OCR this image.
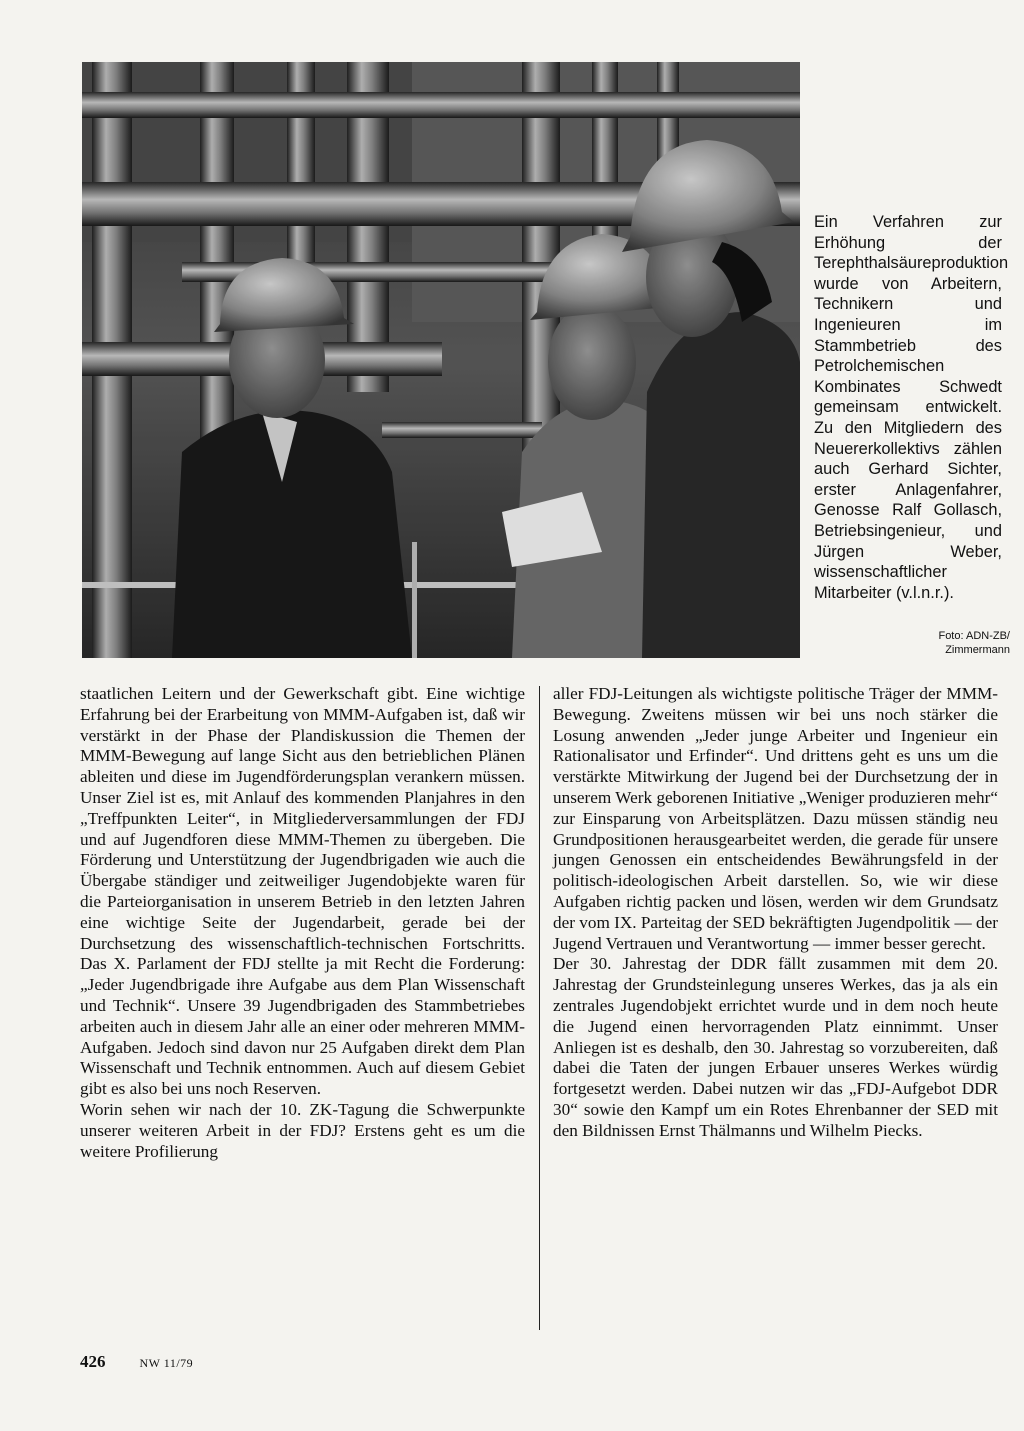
Ein Verfahren zur Erhöhung der Terephthalsäureproduktion wurde von Arbeitern, Technikern und Ingenieuren im Stammbetrieb des Petrolchemischen Kombinates Schwedt gemeinsam entwickelt. Zu den Mitgliedern des Neuererkollektivs zählen auch Gerhard Sichter, erster Anlagenfahrer, Genosse Ralf Gollasch, Betriebsingenieur, und Jürgen Weber, wissenschaftlicher Mitarbeiter (v.l.n.r.).
Foto: ADN-ZB/
Zimmermann

staatlichen Leitern und der Gewerkschaft gibt. Eine wichtige Erfahrung bei der Erarbeitung von MMM-Aufgaben ist, daß wir verstärkt in der Phase der Plandiskussion die Themen der MMM-Bewegung auf lange Sicht aus den betrieblichen Plänen ableiten und diese im Jugendförderungsplan verankern müssen. Unser Ziel ist es, mit Anlauf des kommenden Planjahres in den „Treffpunkten Leiter“, in Mitgliederversammlungen der FDJ und auf Jugendforen diese MMM-Themen zu übergeben. Die Förderung und Unterstützung der Jugendbrigaden wie auch die Übergabe ständiger und zeitweiliger Jugendobjekte waren für die Parteiorganisation in unserem Betrieb in den letzten Jahren eine wichtige Seite der Jugendarbeit, gerade bei der Durchsetzung des wissenschaftlich-technischen Fortschritts. Das X. Parlament der FDJ stellte ja mit Recht die Forderung: „Jeder Jugendbrigade ihre Aufgabe aus dem Plan Wissenschaft und Technik“. Unsere 39 Jugendbrigaden des Stammbetriebes arbeiten auch in diesem Jahr alle an einer oder mehreren MMM-Aufgaben. Jedoch sind davon nur 25 Aufgaben direkt dem Plan Wissenschaft und Technik entnommen. Auch auf diesem Gebiet gibt es also bei uns noch Reserven.

Worin sehen wir nach der 10. ZK-Tagung die Schwerpunkte unserer weiteren Arbeit in der FDJ? Erstens geht es um die weitere Profilierung

aller FDJ-Leitungen als wichtigste politische Träger der MMM-Bewegung. Zweitens müssen wir bei uns noch stärker die Losung anwenden „Jeder junge Arbeiter und Ingenieur ein Rationalisator und Erfinder“. Und drittens geht es uns um die verstärkte Mitwirkung der Jugend bei der Durchsetzung der in unserem Werk geborenen Initiative „Weniger produzieren mehr“ zur Einsparung von Arbeitsplätzen. Dazu müssen ständig neu Grundpositionen herausgearbeitet werden, die gerade für unsere jungen Genossen ein entscheidendes Bewährungsfeld in der politisch-ideologischen Arbeit darstellen. So, wie wir diese Aufgaben richtig packen und lösen, werden wir dem Grundsatz der vom IX. Parteitag der SED bekräftigten Jugendpolitik — der Jugend Vertrauen und Verantwortung — immer besser gerecht.

Der 30. Jahrestag der DDR fällt zusammen mit dem 20. Jahrestag der Grundsteinlegung unseres Werkes, das ja als ein zentrales Jugendobjekt errichtet wurde und in dem noch heute die Jugend einen hervorragenden Platz einnimmt. Unser Anliegen ist es deshalb, den 30. Jahrestag so vorzubereiten, daß dabei die Taten der jungen Erbauer unseres Werkes würdig fortgesetzt werden. Dabei nutzen wir das „FDJ-Aufgebot DDR 30“ sowie den Kampf um ein Rotes Ehrenbanner der SED mit den Bildnissen Ernst Thälmanns und Wilhelm Piecks.

426	NW 11/79
